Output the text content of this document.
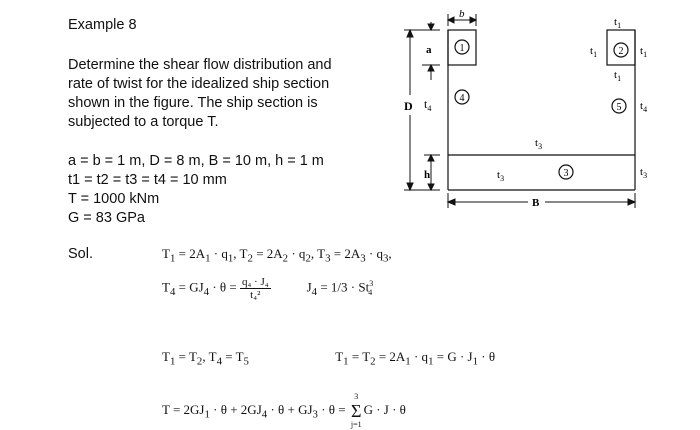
Example 8
Determine the shear flow distribution and
rate of twist for the idealized ship section
shown in the figure. The ship section is
subjected to a torque T.
a = b = 1 m, D = 8 m, B = 10 m, h = 1 m
t1 = t2 = t3 = t4 = 10 mm
T = 1000 kNm
G = 83 GPa
Sol.
b
a
D $t_4$
h
B
1	2
3
4
5
$t_1$
$t_1$	$t_1$
$t_1$
$t_4$
$t_3$
$t_3$
$t_3$
$T_1 = 2A_1 \cdot q_1$, $T_2 = 2A_2 \cdot q_2$, $T_3 = 2A_3 \cdot q_3$,
$T_4 = GJ_4 \cdot \theta = \frac{\text{q₄ · J₄}}{\text{t₄²}}$	$J_4 = 1/3 \cdot St^3_4$
$T_1 = T_2$, $T_4 = T_5$	$T_1 = T_2 = 2A_1 \cdot q_1 = G \cdot J_1 \cdot \theta$
$T = 2GJ_1 \cdot \theta + 2GJ_4 \cdot \theta + GJ_3 \cdot \theta$ =
3
Σ
j=1
G · J · θ
